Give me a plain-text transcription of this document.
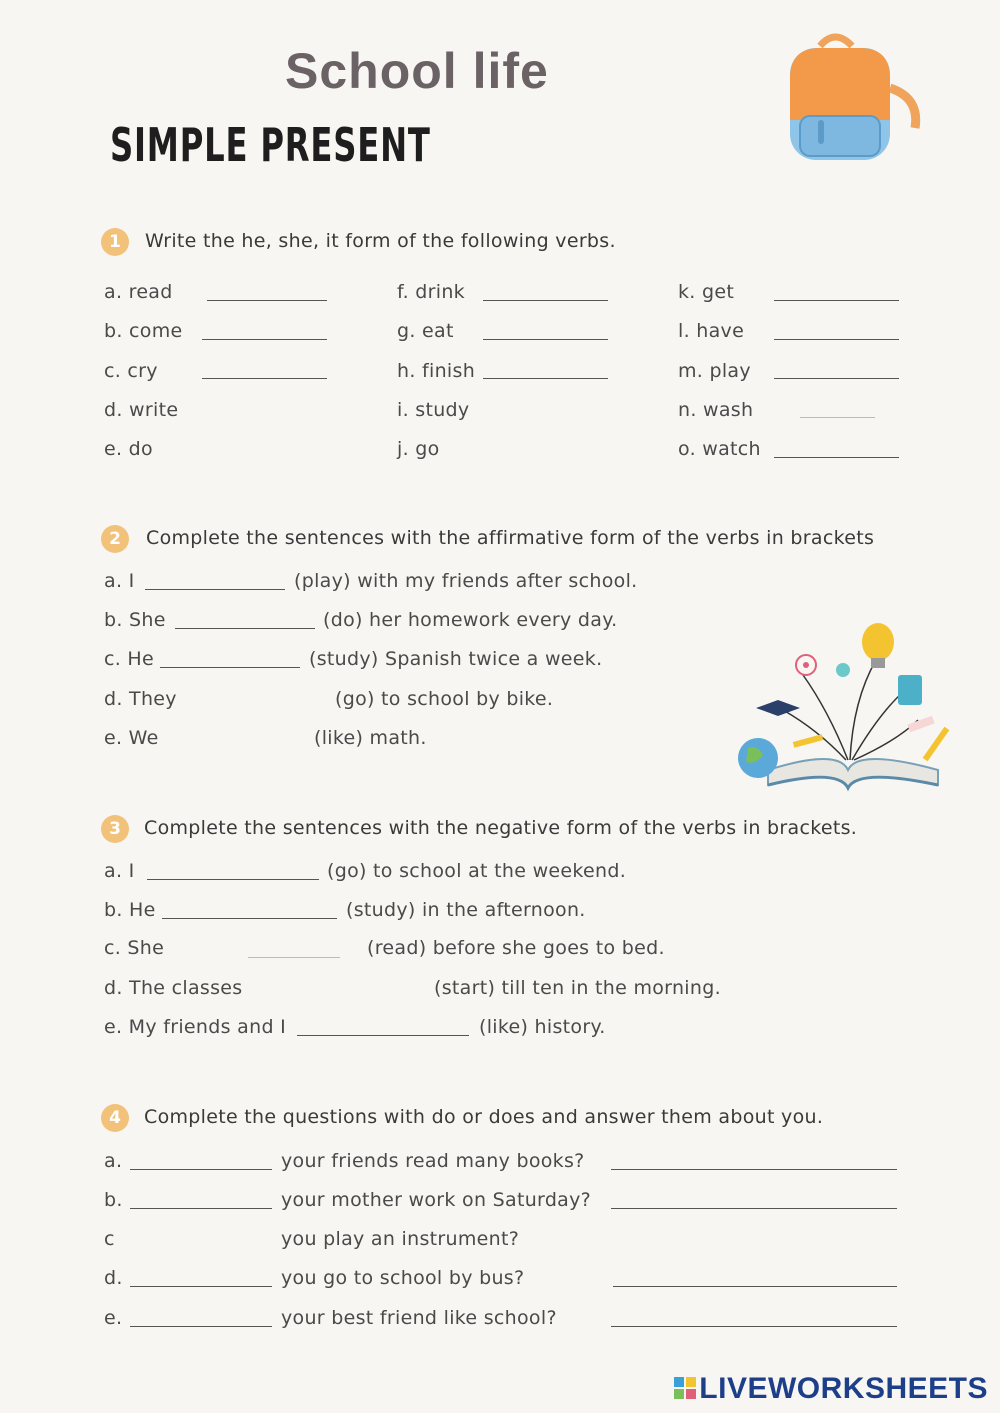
School life
SIMPLE PRESENT
1	Write the he, she, it form of the following verbs.
a. read
b. come
c. cry
d. write
e. do
f. drink
g. eat
h. finish
i. study
j. go
k. get
l. have
m. play
n. wash
o. watch
2	Complete the sentences with the affirmative form of the verbs in brackets
a. I	(play) with my friends after school.
b. She	(do) her homework every day.
c. He	(study) Spanish twice a week.
d. They	(go) to school by bike.
e. We	(like) math.
3	Complete the sentences with the negative form of the verbs in brackets.
a. I	(go) to school at the weekend.
b. He	(study) in the afternoon.
c. She	(read) before she goes to bed.
d. The classes	(start) till ten in the morning.
e. My friends and I	(like) history.
4	Complete the questions with do or does and answer them about you.
a.	your friends read many books?
b.	your mother work on Saturday?
c	you play an instrument?
d.	you go to school by bus?
e.	your best friend like school?
LIVEWORKSHEETS
